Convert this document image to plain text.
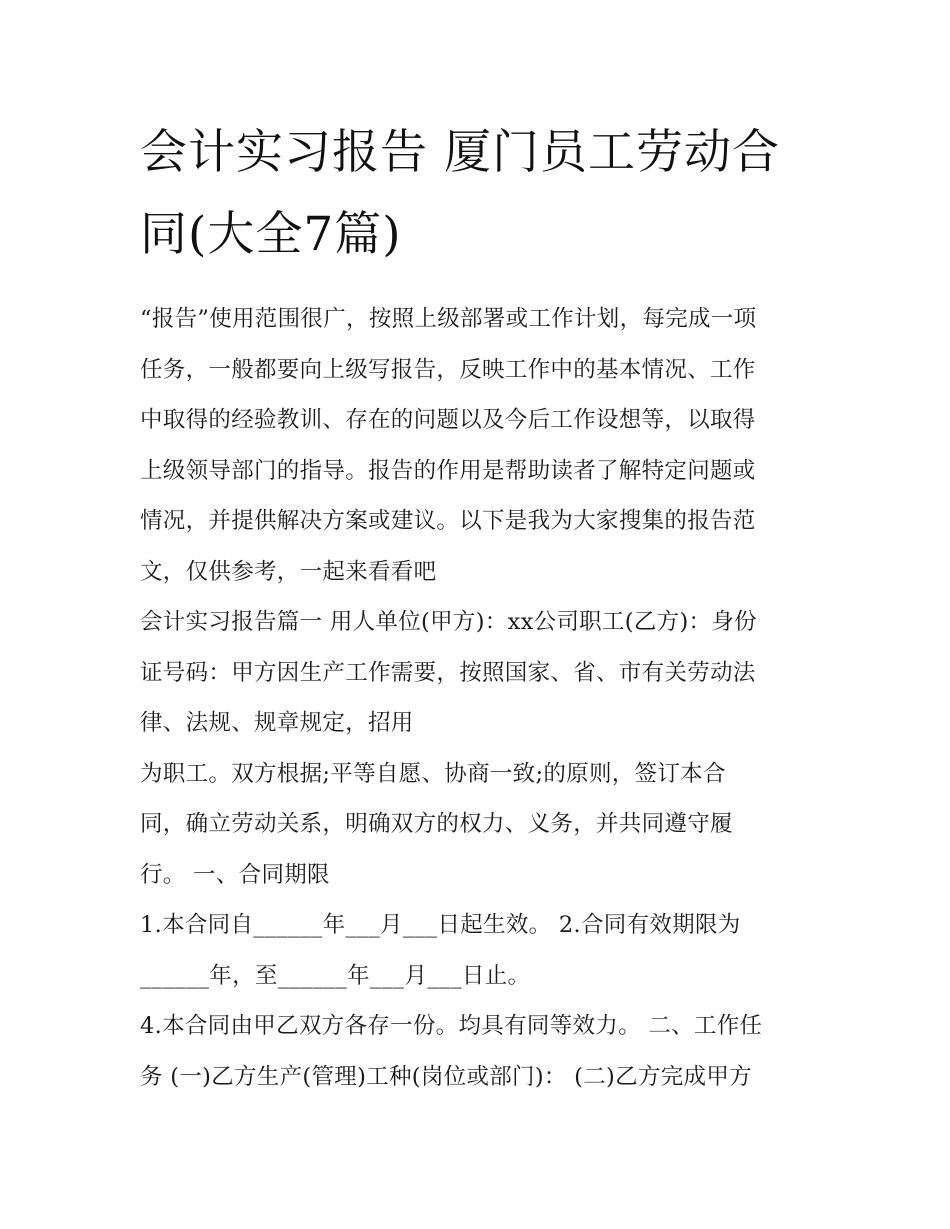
会计实习报告 厦门员工劳动合同(大全7篇)

“报告”使用范围很广，按照上级部署或工作计划，每完成一项

任务，一般都要向上级写报告，反映工作中的基本情况、工作

中取得的经验教训、存在的问题以及今后工作设想等，以取得

上级领导部门的指导。报告的作用是帮助读者了解特定问题或

情况，并提供解决方案或建议。以下是我为大家搜集的报告范

文，仅供参考，一起来看看吧

会计实习报告篇一 用人单位(甲方)：xx公司职工(乙方)：身份

证号码：甲方因生产工作需要，按照国家、省、市有关劳动法

律、法规、规章规定，招用

为职工。双方根据;平等自愿、协商一致;的原则，签订本合

同，确立劳动关系，明确双方的权力、义务，并共同遵守履

行。 一、合同期限

1.本合同自______年___月___日起生效。 2.合同有效期限为

______年，至______年___月___日止。

4.本合同由甲乙双方各存一份。均具有同等效力。 二、工作任

务 (一)乙方生产(管理)工种(岗位或部门)： (二)乙方完成甲方
